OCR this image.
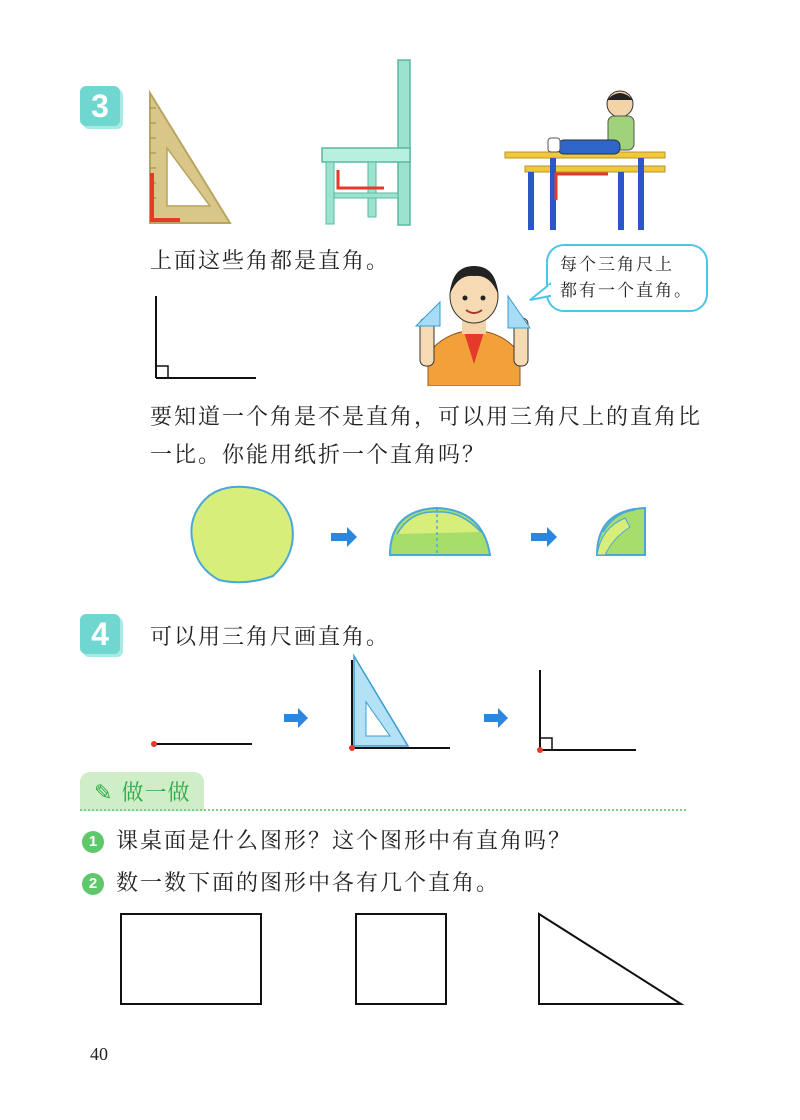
3
上面这些角都是直角。	每个三角尺上
都有一个直角。
要知道一个角是不是直角，可以用三角尺上的直角比
一比。你能用纸折一个直角吗？
4	可以用三角尺画直角。
✎ 做一做
1 课桌面是什么图形？这个图形中有直角吗？
2 数一数下面的图形中各有几个直角。
40
